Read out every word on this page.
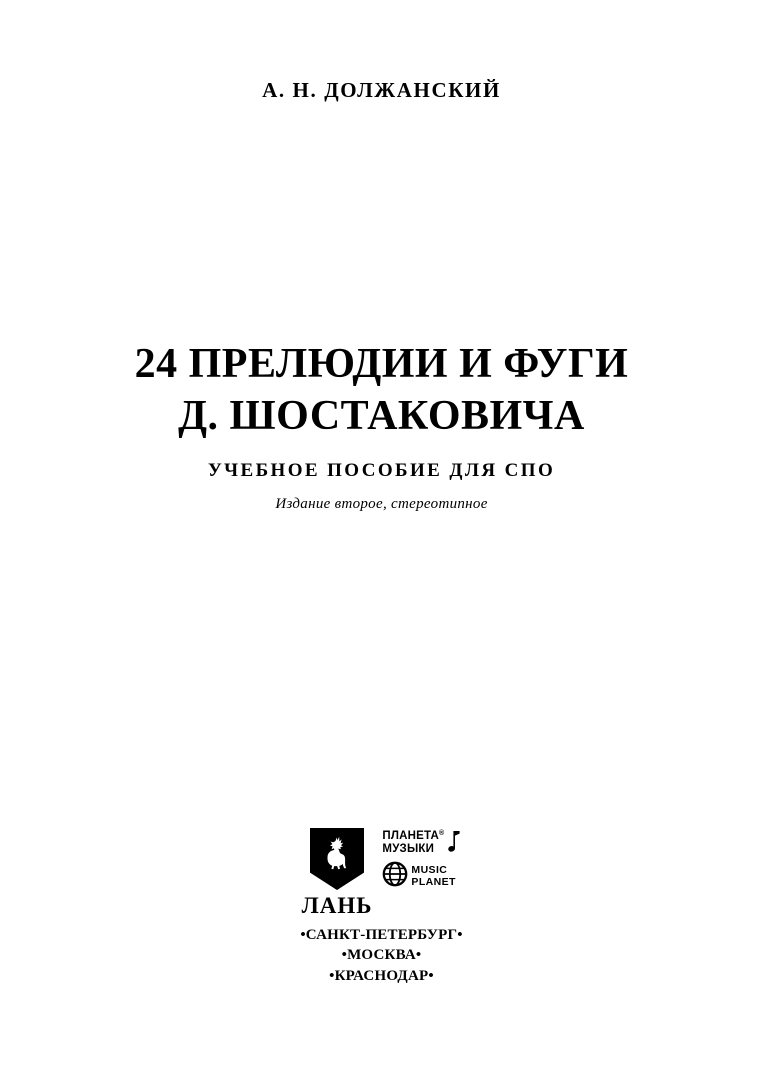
А. Н. ДОЛЖАНСКИЙ
24 ПРЕЛЮДИИ И ФУГИ
Д. ШОСТАКОВИЧА
УЧЕБНОЕ ПОСОБИЕ ДЛЯ СПО
Издание второе, стереотипное
ЛАНЬ
ПЛАНЕТА
МУЗЫКИ
®
MUSIC
PLANET
•САНКТ-ПЕТЕРБУРГ•
•МОСКВА•
•КРАСНОДАР•
